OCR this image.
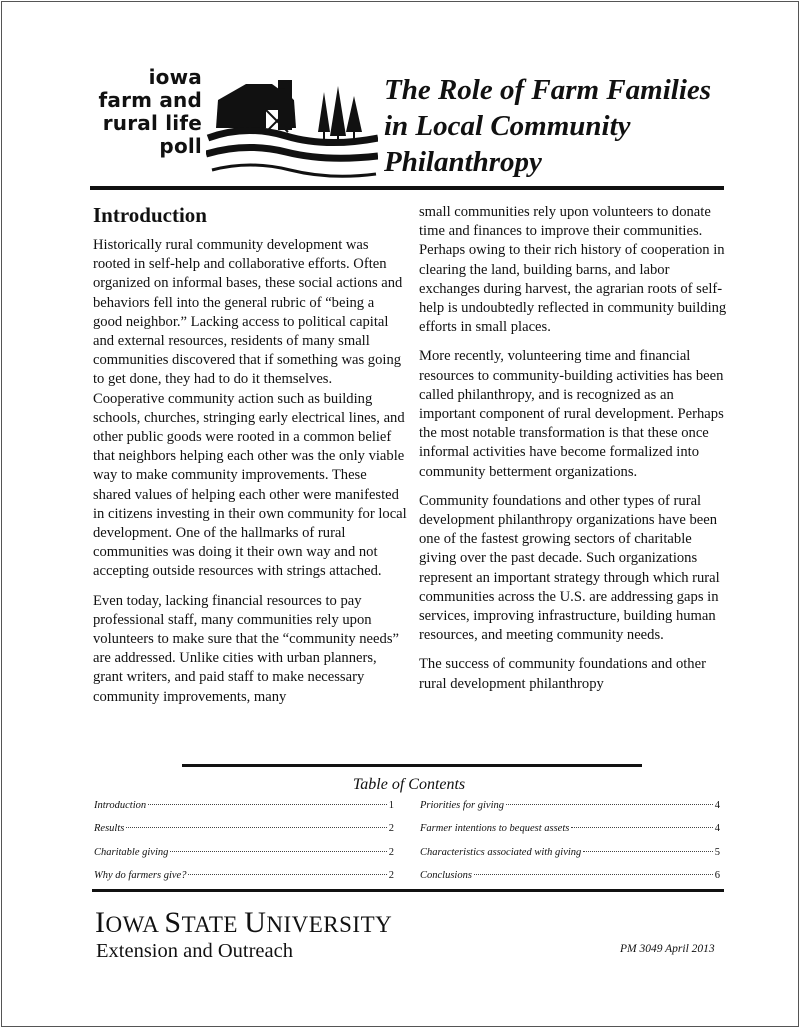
iowa
farm and
rural life
poll
The Role of Farm Families
in Local Community
Philanthropy
Introduction

Historically rural community development was rooted in self-help and collaborative efforts. Often organized on informal bases, these social actions and behaviors fell into the general rubric of “being a good neighbor.” Lacking access to political capital and external resources, residents of many small communities discovered that if something was going to get done, they had to do it themselves. Cooperative community action such as building schools, churches, stringing early electrical lines, and other public goods were rooted in a common belief that neighbors helping each other was the only viable way to make community improvements. These shared values of helping each other were manifested in citizens investing in their own community for local development. One of the hallmarks of rural communities was doing it their own way and not accepting outside resources with strings attached.

Even today, lacking financial resources to pay professional staff, many communities rely upon volunteers to make sure that the “community needs” are addressed. Unlike cities with urban planners, grant writers, and paid staff to make necessary community improvements, many

small communities rely upon volunteers to donate time and finances to improve their communities. Perhaps owing to their rich history of cooperation in clearing the land, building barns, and labor exchanges during harvest, the agrarian roots of self-help is undoubtedly reflected in community building efforts in small places.

More recently, volunteering time and financial resources to community-building activities has been called philanthropy, and is recognized as an important component of rural development. Perhaps the most notable transformation is that these once informal activities have become formalized into community betterment organizations.

Community foundations and other types of rural development philanthropy organizations have been one of the fastest growing sectors of charitable giving over the past decade. Such organizations represent an important strategy through which rural communities across the U.S. are addressing gaps in services, improving infrastructure, building human resources, and meeting community needs.

The success of community foundations and other rural development philanthropy

Table of Contents
Introduction	1
Results	2
Charitable giving	2
Why do farmers give?	2
Priorities for giving	4
Farmer intentions to bequest assets	4
Characteristics associated with giving	5
Conclusions	6
IOWA STATE UNIVERSITY
Extension and Outreach	PM 3049 April 2013
